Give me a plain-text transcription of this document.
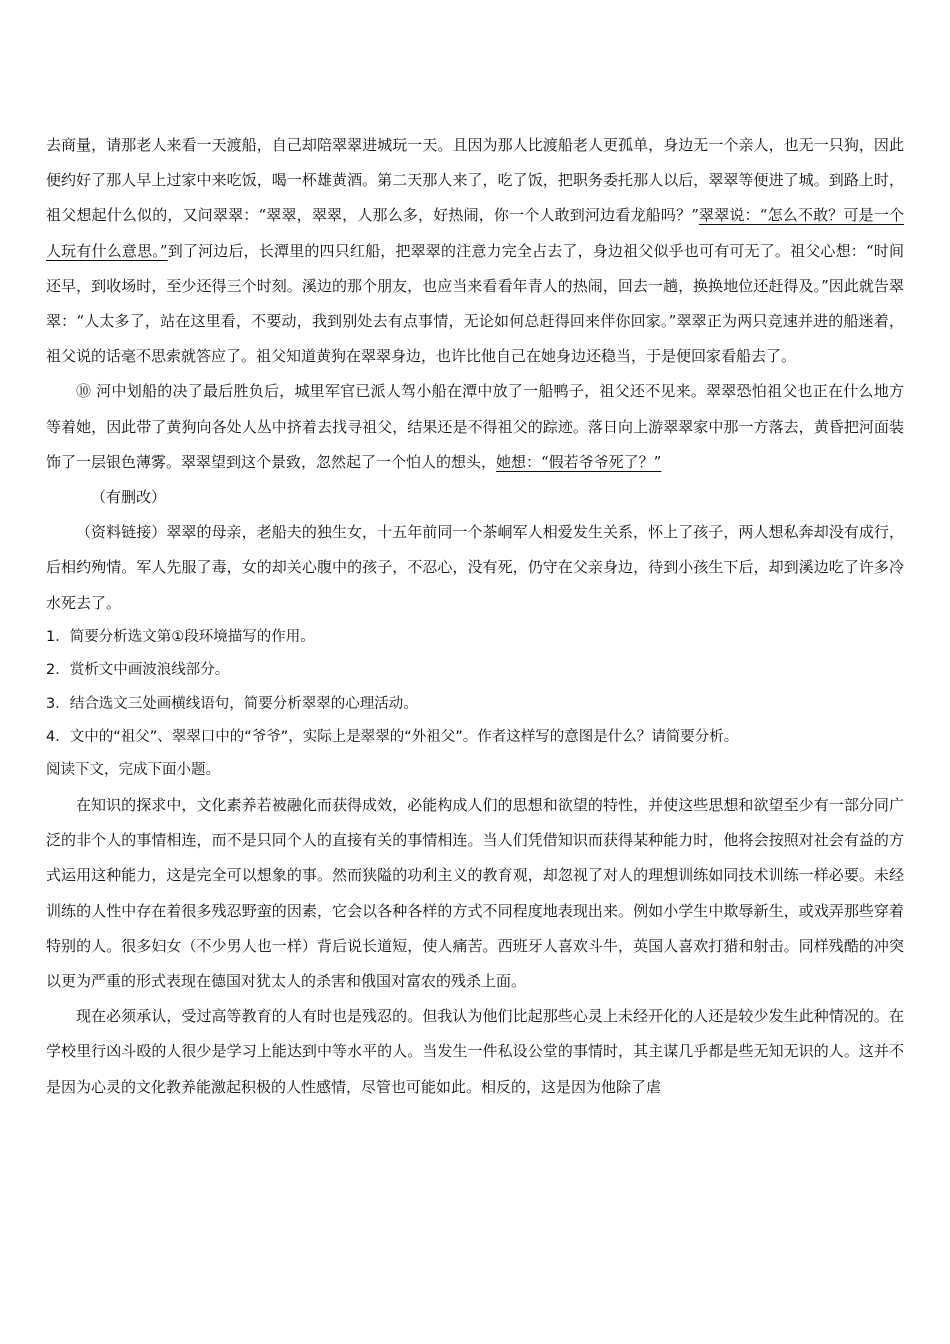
去商量，请那老人来看一天渡船，自己却陪翠翠进城玩一天。且因为那人比渡船老人更孤单，身边无一个亲人，也无一只狗，因此便约好了那人早上过家中来吃饭，喝一杯雄黄酒。第二天那人来了，吃了饭，把职务委托那人以后，翠翠等便进了城。到路上时，祖父想起什么似的，又问翠翠：“翠翠，翠翠，人那么多，好热闹，你一个人敢到河边看龙船吗？”翠翠说：“怎么不敢？可是一个人玩有什么意思。”到了河边后，长潭里的四只红船，把翠翠的注意力完全占去了，身边祖父似乎也可有可无了。祖父心想：“时间还早，到收场时，至少还得三个时刻。溪边的那个朋友，也应当来看看年青人的热闹，回去一趟，换换地位还赶得及。”因此就告翠翠：“人太多了，站在这里看，不要动，我到别处去有点事情，无论如何总赶得回来伴你回家。”翠翠正为两只竞速并进的船迷着，祖父说的话毫不思索就答应了。祖父知道黄狗在翠翠身边，也许比他自己在她身边还稳当，于是便回家看船去了。

⑩ 河中划船的决了最后胜负后，城里军官已派人驾小船在潭中放了一船鸭子，祖父还不见来。翠翠恐怕祖父也正在什么地方等着她，因此带了黄狗向各处人丛中挤着去找寻祖父，结果还是不得祖父的踪迹。落日向上游翠翠家中那一方落去，黄昏把河面装饰了一层银色薄雾。翠翠望到这个景致，忽然起了一个怕人的想头，她想：“假若爷爷死了？”

（有删改）

（资料链接）翠翠的母亲，老船夫的独生女，十五年前同一个茶峒军人相爱发生关系，怀上了孩子，两人想私奔却没有成行，后相约殉情。军人先服了毒，女的却关心腹中的孩子，不忍心，没有死，仍守在父亲身边，待到小孩生下后，却到溪边吃了许多冷水死去了。

1．简要分析选文第①段环境描写的作用。

2．赏析文中画波浪线部分。

3．结合选文三处画横线语句，简要分析翠翠的心理活动。

4．文中的“祖父”、翠翠口中的“爷爷”，实际上是翠翠的“外祖父”。作者这样写的意图是什么？请简要分析。

阅读下文，完成下面小题。

在知识的探求中，文化素养若被融化而获得成效，必能构成人们的思想和欲望的特性，并使这些思想和欲望至少有一部分同广泛的非个人的事情相连，而不是只同个人的直接有关的事情相连。当人们凭借知识而获得某种能力时，他将会按照对社会有益的方式运用这种能力，这是完全可以想象的事。然而狭隘的功利主义的教育观，却忽视了对人的理想训练如同技术训练一样必要。未经训练的人性中存在着很多残忍野蛮的因素，它会以各种各样的方式不同程度地表现出来。例如小学生中欺辱新生，或戏弄那些穿着特别的人。很多妇女（不少男人也一样）背后说长道短，使人痛苦。西班牙人喜欢斗牛，英国人喜欢打猎和射击。同样残酷的冲突以更为严重的形式表现在德国对犹太人的杀害和俄国对富农的残杀上面。

现在必须承认，受过高等教育的人有时也是残忍的。但我认为他们比起那些心灵上未经开化的人还是较少发生此种情况的。在学校里行凶斗殴的人很少是学习上能达到中等水平的人。当发生一件私设公堂的事情时，其主谋几乎都是些无知无识的人。这并不是因为心灵的文化教养能激起积极的人性感情，尽管也可能如此。相反的，这是因为他除了虐
